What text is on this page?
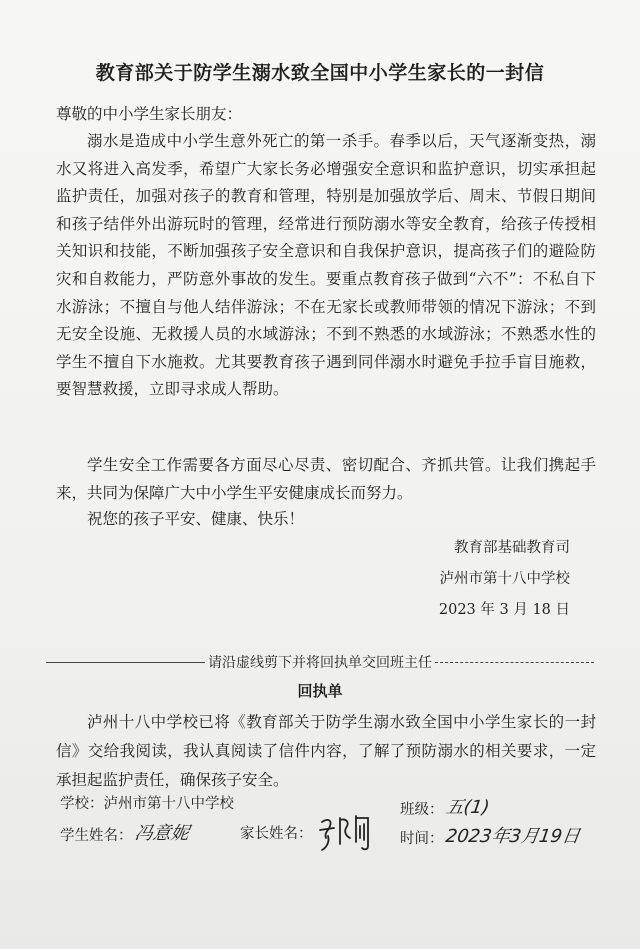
教育部关于防学生溺水致全国中小学生家长的一封信
尊敬的中小学生家长朋友：

溺水是造成中小学生意外死亡的第一杀手。春季以后，天气逐渐变热，溺水又将进入高发季，希望广大家长务必增强安全意识和监护意识，切实承担起监护责任，加强对孩子的教育和管理，特别是加强放学后、周末、节假日期间和孩子结伴外出游玩时的管理，经常进行预防溺水等安全教育，给孩子传授相关知识和技能，不断加强孩子安全意识和自我保护意识，提高孩子们的避险防灾和自救能力，严防意外事故的发生。要重点教育孩子做到“六不”：不私自下水游泳；不擅自与他人结伴游泳；不在无家长或教师带领的情况下游泳；不到无安全设施、无救援人员的水域游泳；不到不熟悉的水域游泳；不熟悉水性的学生不擅自下水施救。尤其要教育孩子遇到同伴溺水时避免手拉手盲目施救，要智慧救援，立即寻求成人帮助。

学生安全工作需要各方面尽心尽责、密切配合、齐抓共管。让我们携起手来，共同为保障广大中小学生平安健康成长而努力。

祝您的孩子平安、健康、快乐！

教育部基础教育司
泸州市第十八中学校
2023 年 3 月 18 日
请沿虚线剪下并将回执单交回班主任
回执单

泸州十八中学校已将《教育部关于防学生溺水致全国中小学生家长的一封信》交给我阅读，我认真阅读了信件内容，了解了预防溺水的相关要求，一定承担起监护责任，确保孩子安全。

学校： 泸州市第十八中学校	班级： 五(1)
学生姓名： 冯意妮	家长姓名：	时间： 2023年3月19日
